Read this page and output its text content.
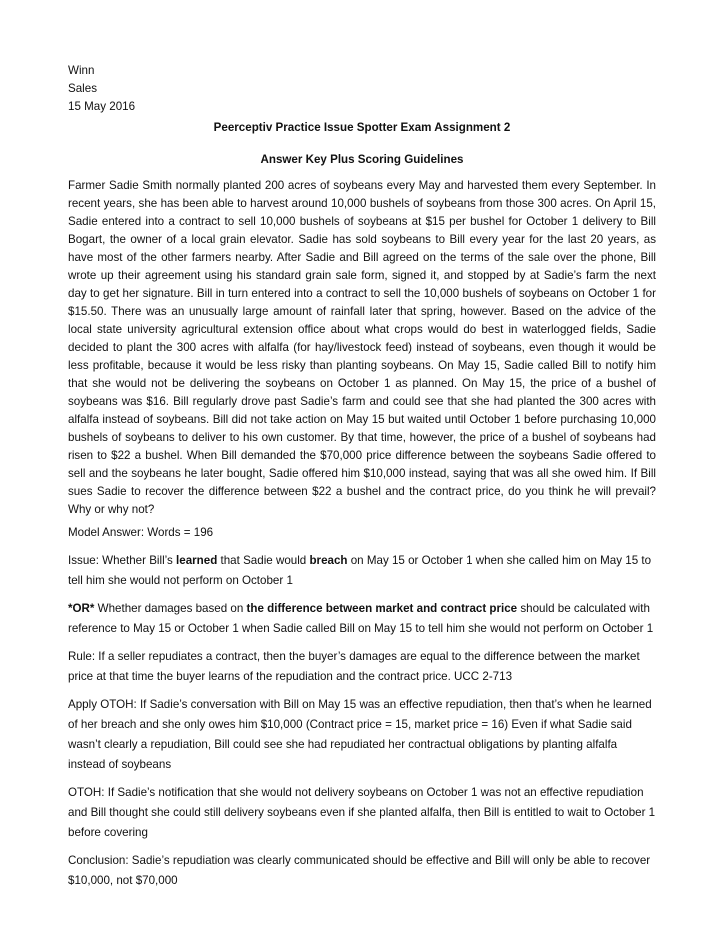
Winn
Sales
15 May 2016
Peerceptiv Practice Issue Spotter Exam Assignment 2
Answer Key Plus Scoring Guidelines
Farmer Sadie Smith normally planted 200 acres of soybeans every May and harvested them every September. In recent years, she has been able to harvest around 10,000 bushels of soybeans from those 300 acres. On April 15, Sadie entered into a contract to sell 10,000 bushels of soybeans at $15 per bushel for October 1 delivery to Bill Bogart, the owner of a local grain elevator. Sadie has sold soybeans to Bill every year for the last 20 years, as have most of the other farmers nearby. After Sadie and Bill agreed on the terms of the sale over the phone, Bill wrote up their agreement using his standard grain sale form, signed it, and stopped by at Sadie’s farm the next day to get her signature. Bill in turn entered into a contract to sell the 10,000 bushels of soybeans on October 1 for $15.50. There was an unusually large amount of rainfall later that spring, however. Based on the advice of the local state university agricultural extension office about what crops would do best in waterlogged fields, Sadie decided to plant the 300 acres with alfalfa (for hay/livestock feed) instead of soybeans, even though it would be less profitable, because it would be less risky than planting soybeans. On May 15, Sadie called Bill to notify him that she would not be delivering the soybeans on October 1 as planned. On May 15, the price of a bushel of soybeans was $16. Bill regularly drove past Sadie’s farm and could see that she had planted the 300 acres with alfalfa instead of soybeans. Bill did not take action on May 15 but waited until October 1 before purchasing 10,000 bushels of soybeans to deliver to his own customer. By that time, however, the price of a bushel of soybeans had risen to $22 a bushel. When Bill demanded the $70,000 price difference between the soybeans Sadie offered to sell and the soybeans he later bought, Sadie offered him $10,000 instead, saying that was all she owed him. If Bill sues Sadie to recover the difference between $22 a bushel and the contract price, do you think he will prevail? Why or why not?
Model Answer: Words = 196
Issue: Whether Bill’s learned that Sadie would breach on May 15 or October 1 when she called him on May 15 to tell him she would not perform on October 1
*OR* Whether damages based on the difference between market and contract price should be calculated with reference to May 15 or October 1 when Sadie called Bill on May 15 to tell him she would not perform on October 1
Rule: If a seller repudiates a contract, then the buyer’s damages are equal to the difference between the market price at that time the buyer learns of the repudiation and the contract price. UCC 2-713
Apply OTOH: If Sadie’s conversation with Bill on May 15 was an effective repudiation, then that’s when he learned of her breach and she only owes him $10,000 (Contract price = 15, market price = 16) Even if what Sadie said wasn’t clearly a repudiation, Bill could see she had repudiated her contractual obligations by planting alfalfa instead of soybeans
OTOH: If Sadie’s notification that she would not delivery soybeans on October 1 was not an effective repudiation and Bill thought she could still delivery soybeans even if she planted alfalfa, then Bill is entitled to wait to October 1 before covering
Conclusion: Sadie’s repudiation was clearly communicated should be effective and Bill will only be able to recover $10,000, not $70,000
